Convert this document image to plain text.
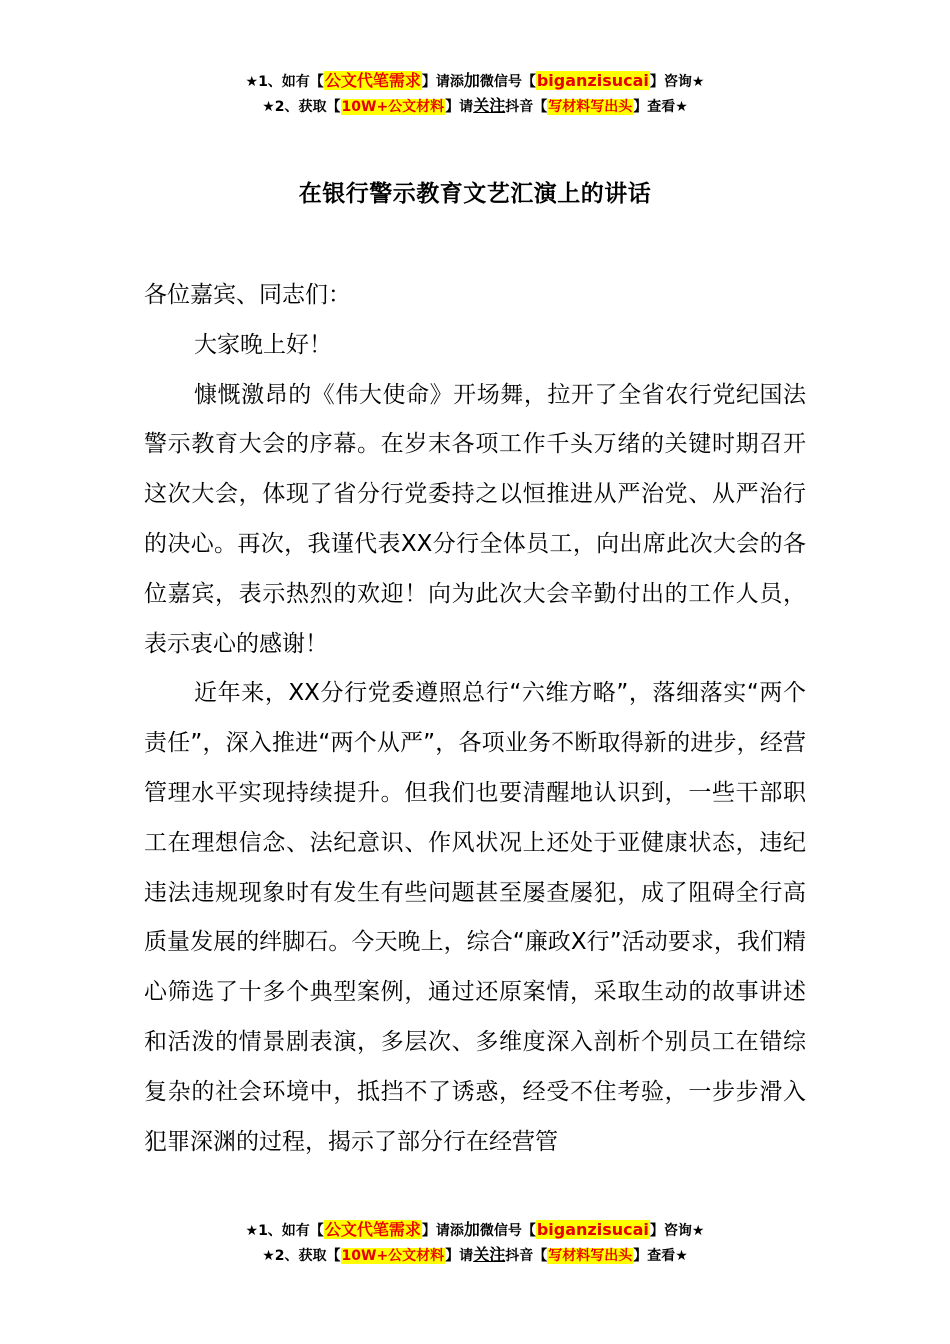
★1、如有【公文代笔需求】请添加微信号【biganzisucai】咨询★
★2、获取【10W+公文材料】请关注抖音【写材料写出头】查看★
在银行警示教育文艺汇演上的讲话

各位嘉宾、同志们：

大家晚上好！

慷慨激昂的《伟大使命》开场舞，拉开了全省农行党纪国法警示教育大会的序幕。在岁末各项工作千头万绪的关键时期召开这次大会，体现了省分行党委持之以恒推进从严治党、从严治行的决心。再次，我谨代表XX分行全体员工，向出席此次大会的各位嘉宾，表示热烈的欢迎！向为此次大会辛勤付出的工作人员，表示衷心的感谢！

近年来，XX分行党委遵照总行“六维方略”，落细落实“两个责任”，深入推进“两个从严”，各项业务不断取得新的进步，经营管理水平实现持续提升。但我们也要清醒地认识到，一些干部职工在理想信念、法纪意识、作风状况上还处于亚健康状态，违纪违法违规现象时有发生有些问题甚至屡查屡犯，成了阻碍全行高质量发展的绊脚石。今天晚上，综合“廉政X行”活动要求，我们精心筛选了十多个典型案例，通过还原案情，采取生动的故事讲述和活泼的情景剧表演，多层次、多维度深入剖析个别员工在错综复杂的社会环境中，抵挡不了诱惑，经受不住考验，一步步滑入犯罪深渊的过程，揭示了部分行在经营管

★1、如有【公文代笔需求】请添加微信号【biganzisucai】咨询★
★2、获取【10W+公文材料】请关注抖音【写材料写出头】查看★
